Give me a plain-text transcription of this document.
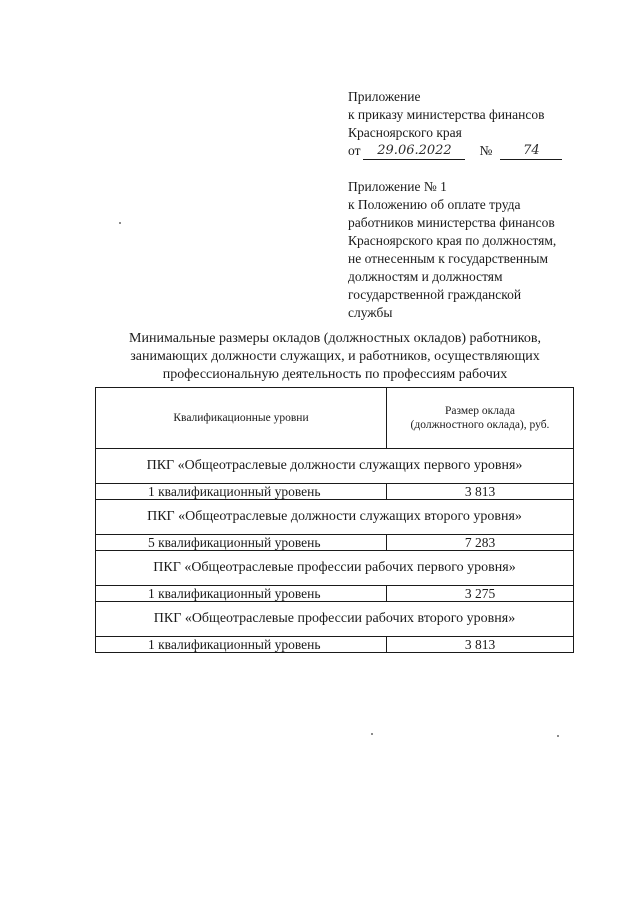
Приложение
к приказу министерства финансов
Красноярского края
от	29.06.2022	№	74
Приложение № 1
к Положению об оплате труда
работников министерства финансов
Красноярского края по должностям,
не отнесенным к государственным
должностям и должностям
государственной гражданской
службы
Минимальные размеры окладов (должностных окладов) работников,
занимающих должности служащих, и работников, осуществляющих
профессиональную деятельность по профессиям рабочих
Квалификационные уровни	Размер оклада
(должностного оклада), руб.

ПКГ «Общеотраслевые должности служащих первого уровня»	
1 квалификационный уровень	3 813
ПКГ «Общеотраслевые должности служащих второго уровня»	
5 квалификационный уровень	7 283
ПКГ «Общеотраслевые профессии рабочих первого уровня»	
1 квалификационный уровень	3 275
ПКГ «Общеотраслевые профессии рабочих второго уровня»	
1 квалификационный уровень	3 813
